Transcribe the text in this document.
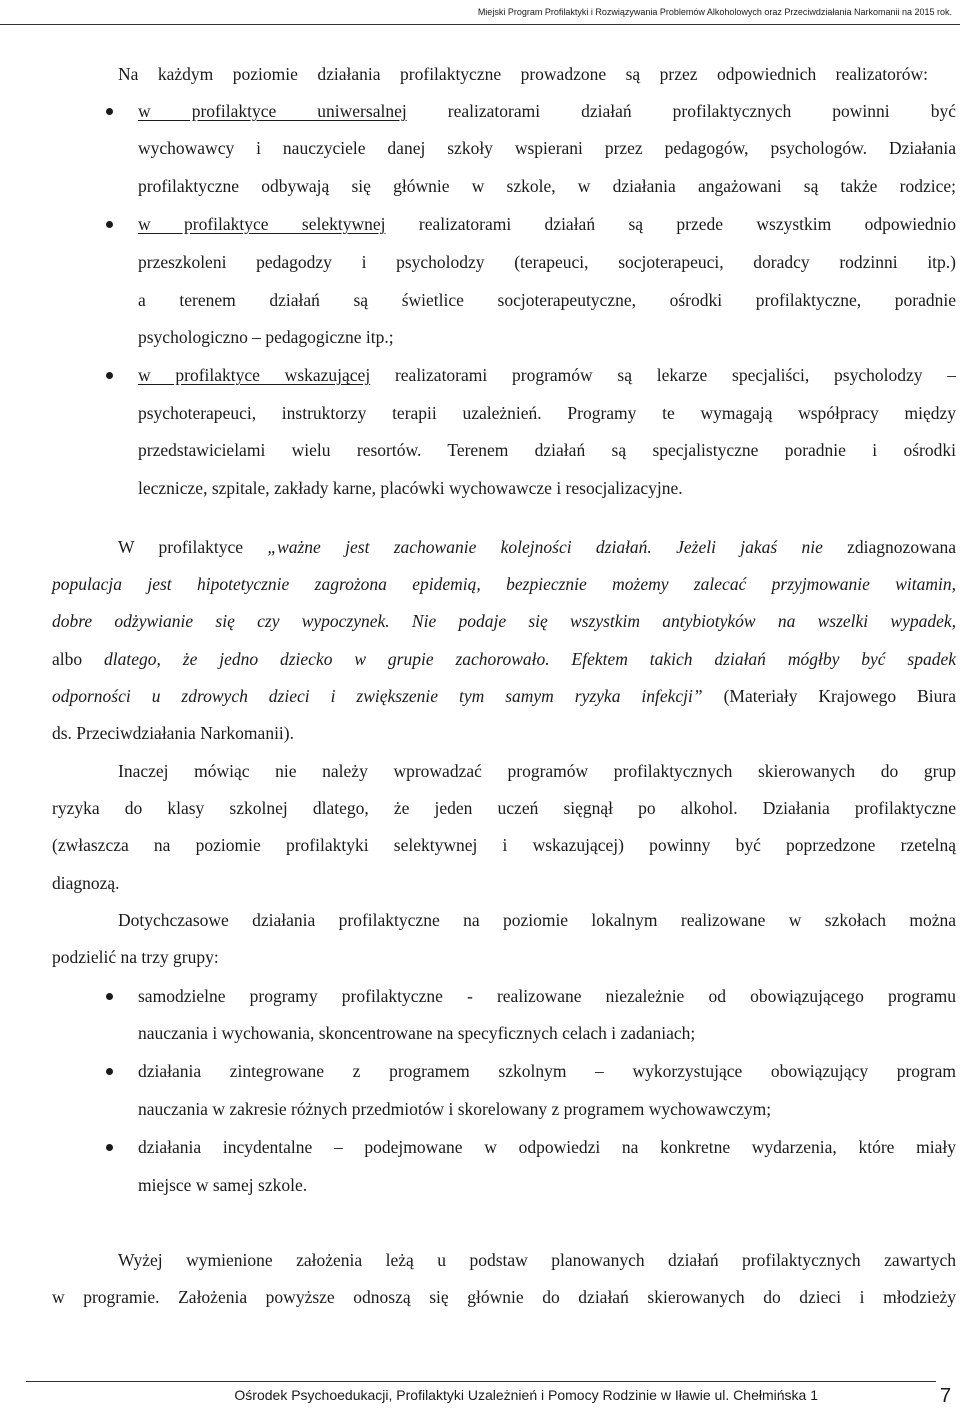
Miejski Program Profilaktyki i Rozwiązywania Problemów Alkoholowych oraz Przeciwdziałania Narkomanii na 2015 rok.
Na każdym poziomie działania profilaktyczne prowadzone są przez odpowiednich realizatorów:
w profilaktyce uniwersalnej realizatorami działań profilaktycznych powinni być
wychowawcy i nauczyciele danej szkoły wspierani przez pedagogów, psychologów. Działania
profilaktyczne odbywają się głównie w szkole, w działania angażowani są także rodzice;
w profilaktyce selektywnej realizatorami działań są przede wszystkim odpowiednio
przeszkoleni pedagodzy i psycholodzy (terapeuci, socjoterapeuci, doradcy rodzinni itp.)
a terenem działań są świetlice socjoterapeutyczne, ośrodki profilaktyczne, poradnie
psychologiczno – pedagogiczne itp.;
w profilaktyce wskazującej realizatorami programów są lekarze specjaliści, psycholodzy –
psychoterapeuci, instruktorzy terapii uzależnień. Programy te wymagają współpracy między
przedstawicielami wielu resortów. Terenem działań są specjalistyczne poradnie i ośrodki
lecznicze, szpitale, zakłady karne, placówki wychowawcze i resocjalizacyjne.
W profilaktyce „ważne jest zachowanie kolejności działań. Jeżeli jakaś nie zdiagnozowana
populacja jest hipotetycznie zagrożona epidemią, bezpiecznie możemy zalecać przyjmowanie witamin,
dobre odżywianie się czy wypoczynek. Nie podaje się wszystkim antybiotyków na wszelki wypadek,
albo dlatego, że jedno dziecko w grupie zachorowało. Efektem takich działań mógłby być spadek
odporności u zdrowych dzieci i zwiększenie tym samym ryzyka infekcji” (Materiały Krajowego Biura
ds. Przeciwdziałania Narkomanii).
Inaczej mówiąc nie należy wprowadzać programów profilaktycznych skierowanych do grup
ryzyka do klasy szkolnej dlatego, że jeden uczeń sięgnął po alkohol. Działania profilaktyczne
(zwłaszcza na poziomie profilaktyki selektywnej i wskazującej) powinny być poprzedzone rzetelną
diagnozą.
Dotychczasowe działania profilaktyczne na poziomie lokalnym realizowane w szkołach można
podzielić na trzy grupy:
samodzielne programy profilaktyczne - realizowane niezależnie od obowiązującego programu
nauczania i wychowania, skoncentrowane na specyficznych celach i zadaniach;
działania zintegrowane z programem szkolnym – wykorzystujące obowiązujący program
nauczania w zakresie różnych przedmiotów i skorelowany z programem wychowawczym;
działania incydentalne – podejmowane w odpowiedzi na konkretne wydarzenia, które miały
miejsce w samej szkole.
Wyżej wymienione założenia leżą u podstaw planowanych działań profilaktycznych zawartych
w programie. Założenia powyższe odnoszą się głównie do działań skierowanych do dzieci i młodzieży
Ośrodek Psychoedukacji, Profilaktyki Uzależnień i Pomocy Rodzinie w Iławie ul. Chełmińska 1	7
